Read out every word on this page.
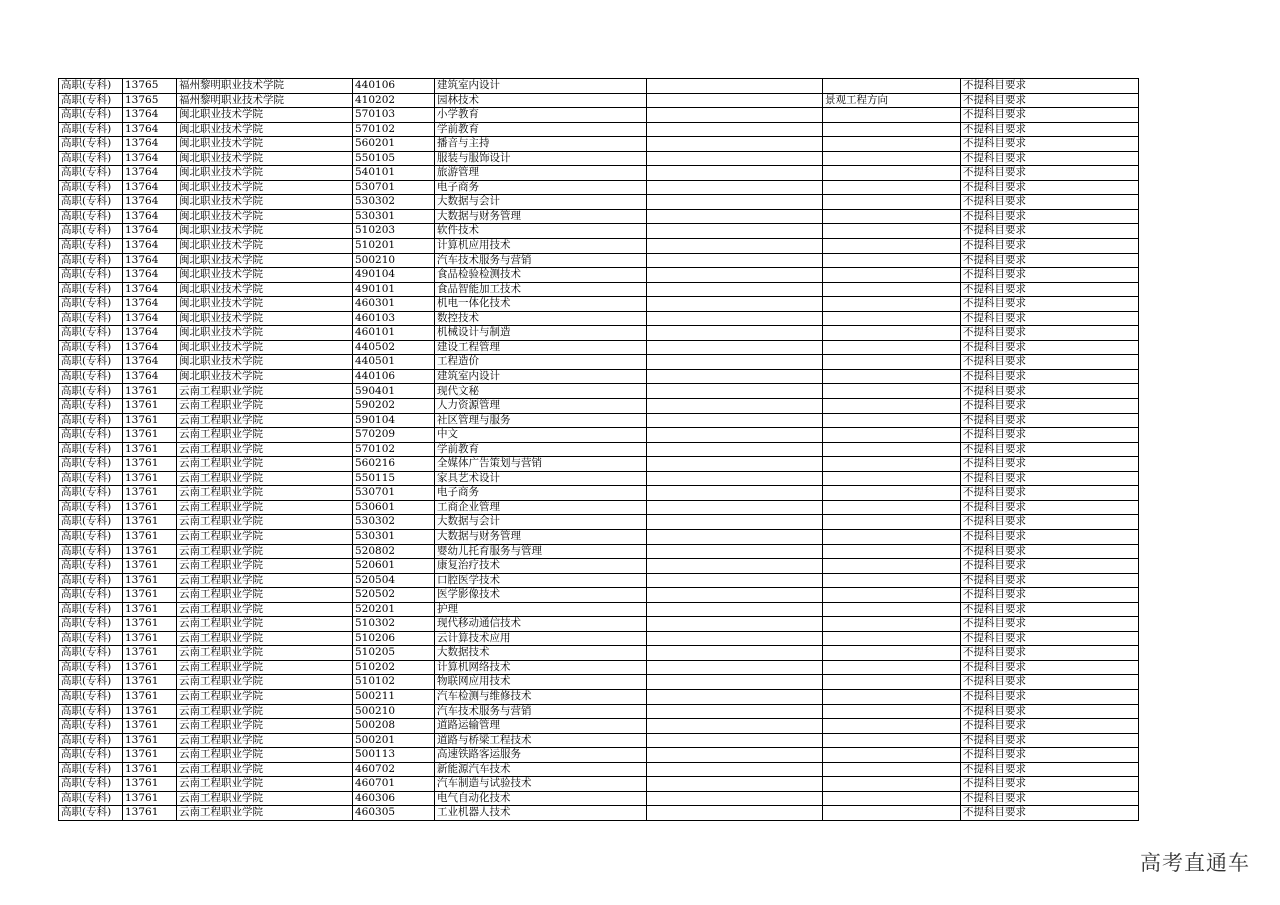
高职(专科)	13765	福州黎明职业技术学院	440106	建筑室内设计			不提科目要求
高职(专科)	13765	福州黎明职业技术学院	410202	园林技术		景观工程方向	不提科目要求
高职(专科)	13764	闽北职业技术学院	570103	小学教育			不提科目要求
高职(专科)	13764	闽北职业技术学院	570102	学前教育			不提科目要求
高职(专科)	13764	闽北职业技术学院	560201	播音与主持			不提科目要求
高职(专科)	13764	闽北职业技术学院	550105	服装与服饰设计			不提科目要求
高职(专科)	13764	闽北职业技术学院	540101	旅游管理			不提科目要求
高职(专科)	13764	闽北职业技术学院	530701	电子商务			不提科目要求
高职(专科)	13764	闽北职业技术学院	530302	大数据与会计			不提科目要求
高职(专科)	13764	闽北职业技术学院	530301	大数据与财务管理			不提科目要求
高职(专科)	13764	闽北职业技术学院	510203	软件技术			不提科目要求
高职(专科)	13764	闽北职业技术学院	510201	计算机应用技术			不提科目要求
高职(专科)	13764	闽北职业技术学院	500210	汽车技术服务与营销			不提科目要求
高职(专科)	13764	闽北职业技术学院	490104	食品检验检测技术			不提科目要求
高职(专科)	13764	闽北职业技术学院	490101	食品智能加工技术			不提科目要求
高职(专科)	13764	闽北职业技术学院	460301	机电一体化技术			不提科目要求
高职(专科)	13764	闽北职业技术学院	460103	数控技术			不提科目要求
高职(专科)	13764	闽北职业技术学院	460101	机械设计与制造			不提科目要求
高职(专科)	13764	闽北职业技术学院	440502	建设工程管理			不提科目要求
高职(专科)	13764	闽北职业技术学院	440501	工程造价			不提科目要求
高职(专科)	13764	闽北职业技术学院	440106	建筑室内设计			不提科目要求
高职(专科)	13761	云南工程职业学院	590401	现代文秘			不提科目要求
高职(专科)	13761	云南工程职业学院	590202	人力资源管理			不提科目要求
高职(专科)	13761	云南工程职业学院	590104	社区管理与服务			不提科目要求
高职(专科)	13761	云南工程职业学院	570209	中文			不提科目要求
高职(专科)	13761	云南工程职业学院	570102	学前教育			不提科目要求
高职(专科)	13761	云南工程职业学院	560216	全媒体广告策划与营销			不提科目要求
高职(专科)	13761	云南工程职业学院	550115	家具艺术设计			不提科目要求
高职(专科)	13761	云南工程职业学院	530701	电子商务			不提科目要求
高职(专科)	13761	云南工程职业学院	530601	工商企业管理			不提科目要求
高职(专科)	13761	云南工程职业学院	530302	大数据与会计			不提科目要求
高职(专科)	13761	云南工程职业学院	530301	大数据与财务管理			不提科目要求
高职(专科)	13761	云南工程职业学院	520802	婴幼儿托育服务与管理			不提科目要求
高职(专科)	13761	云南工程职业学院	520601	康复治疗技术			不提科目要求
高职(专科)	13761	云南工程职业学院	520504	口腔医学技术			不提科目要求
高职(专科)	13761	云南工程职业学院	520502	医学影像技术			不提科目要求
高职(专科)	13761	云南工程职业学院	520201	护理			不提科目要求
高职(专科)	13761	云南工程职业学院	510302	现代移动通信技术			不提科目要求
高职(专科)	13761	云南工程职业学院	510206	云计算技术应用			不提科目要求
高职(专科)	13761	云南工程职业学院	510205	大数据技术			不提科目要求
高职(专科)	13761	云南工程职业学院	510202	计算机网络技术			不提科目要求
高职(专科)	13761	云南工程职业学院	510102	物联网应用技术			不提科目要求
高职(专科)	13761	云南工程职业学院	500211	汽车检测与维修技术			不提科目要求
高职(专科)	13761	云南工程职业学院	500210	汽车技术服务与营销			不提科目要求
高职(专科)	13761	云南工程职业学院	500208	道路运输管理			不提科目要求
高职(专科)	13761	云南工程职业学院	500201	道路与桥梁工程技术			不提科目要求
高职(专科)	13761	云南工程职业学院	500113	高速铁路客运服务			不提科目要求
高职(专科)	13761	云南工程职业学院	460702	新能源汽车技术			不提科目要求
高职(专科)	13761	云南工程职业学院	460701	汽车制造与试验技术			不提科目要求
高职(专科)	13761	云南工程职业学院	460306	电气自动化技术			不提科目要求
高职(专科)	13761	云南工程职业学院	460305	工业机器人技术			不提科目要求
高考直通车
